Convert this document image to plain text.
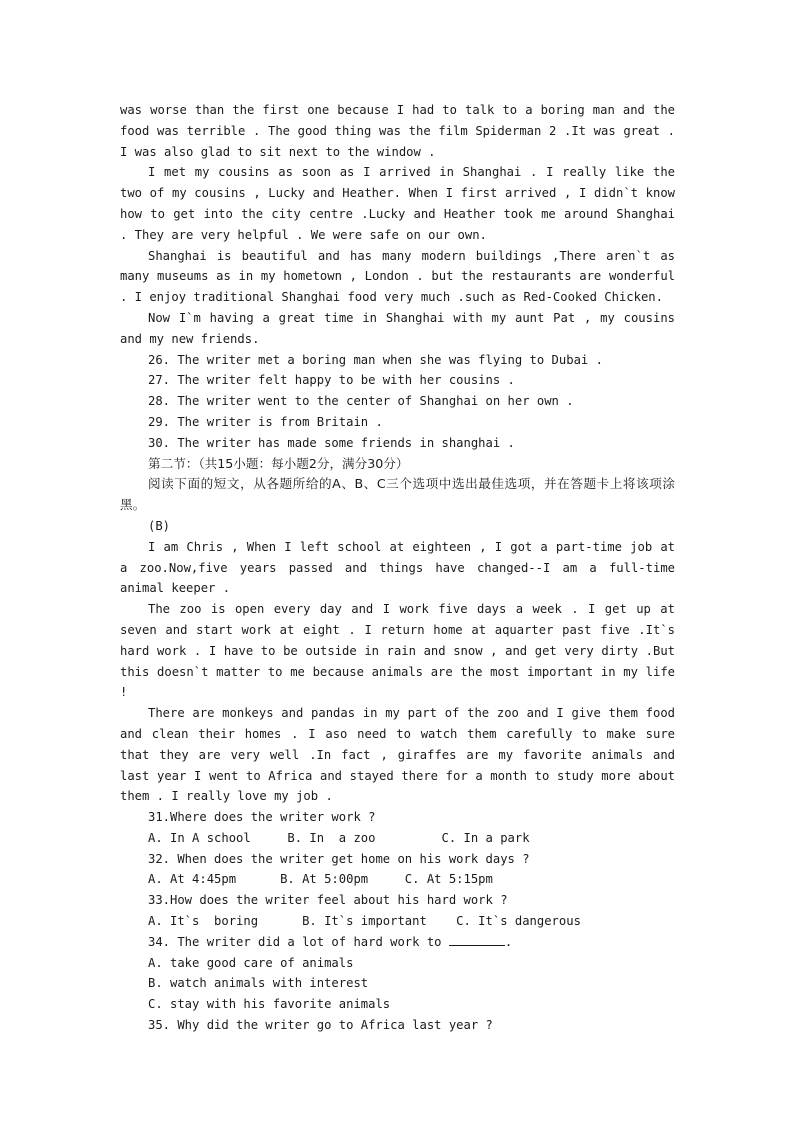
was worse than the first one because I had to talk to a boring man and the food was terrible . The good thing was the film Spiderman 2 .It was great . I was also glad to sit next to the window .

I met my cousins as soon as I arrived in Shanghai . I really like the two of my cousins , Lucky and Heather. When I first arrived , I didn`t know how to get into the city centre .Lucky and Heather took me around Shanghai . They are very helpful . We were safe on our own.

Shanghai is beautiful and has many modern buildings ,There aren`t as many museums as in my hometown , London . but the restaurants are wonderful . I enjoy traditional Shanghai food very much .such as Red-Cooked Chicken.

Now I`m having a great time in Shanghai with my aunt Pat , my cousins and my new friends.

26. The writer met a boring man when she was flying to Dubai .

27. The writer felt happy to be with her cousins .

28. The writer went to the center of Shanghai on her own .

29. The writer is from Britain .

30. The writer has made some friends in shanghai .

第二节：（共15小题：每小题2分，满分30分）

阅读下面的短文，从各题所给的A、B、C三个选项中选出最佳选项，并在答题卡上将该项涂黑。

(B)

I am Chris , When I left school at eighteen , I got a part-time job at a zoo.Now,five years passed and things have changed--I am a full-time animal keeper .

The zoo is open every day and I work five days a week . I get up at seven and start work at eight . I return home at aquarter past five .It`s hard work . I have to be outside in rain and snow , and get very dirty .But this doesn`t matter to me because animals are the most important in my life !

There are monkeys and pandas in my part of the zoo and I give them food and clean their homes . I aso need to watch them carefully to make sure that they are very well .In fact , giraffes are my favorite animals and last year I went to Africa and stayed there for a month to study more about them . I really love my job .

31.Where does the writer work ?

A. In A school     B. In  a zoo         C. In a park

32. When does the writer get home on his work days ?

A. At 4:45pm      B. At 5:00pm     C. At 5:15pm

33.How does the writer feel about his hard work ?

A. It`s  boring      B. It`s important    C. It`s dangerous

34. The writer did a lot of hard work to	.

A. take good care of animals

B. watch animals with interest

C. stay with his favorite animals

35. Why did the writer go to Africa last year ?
